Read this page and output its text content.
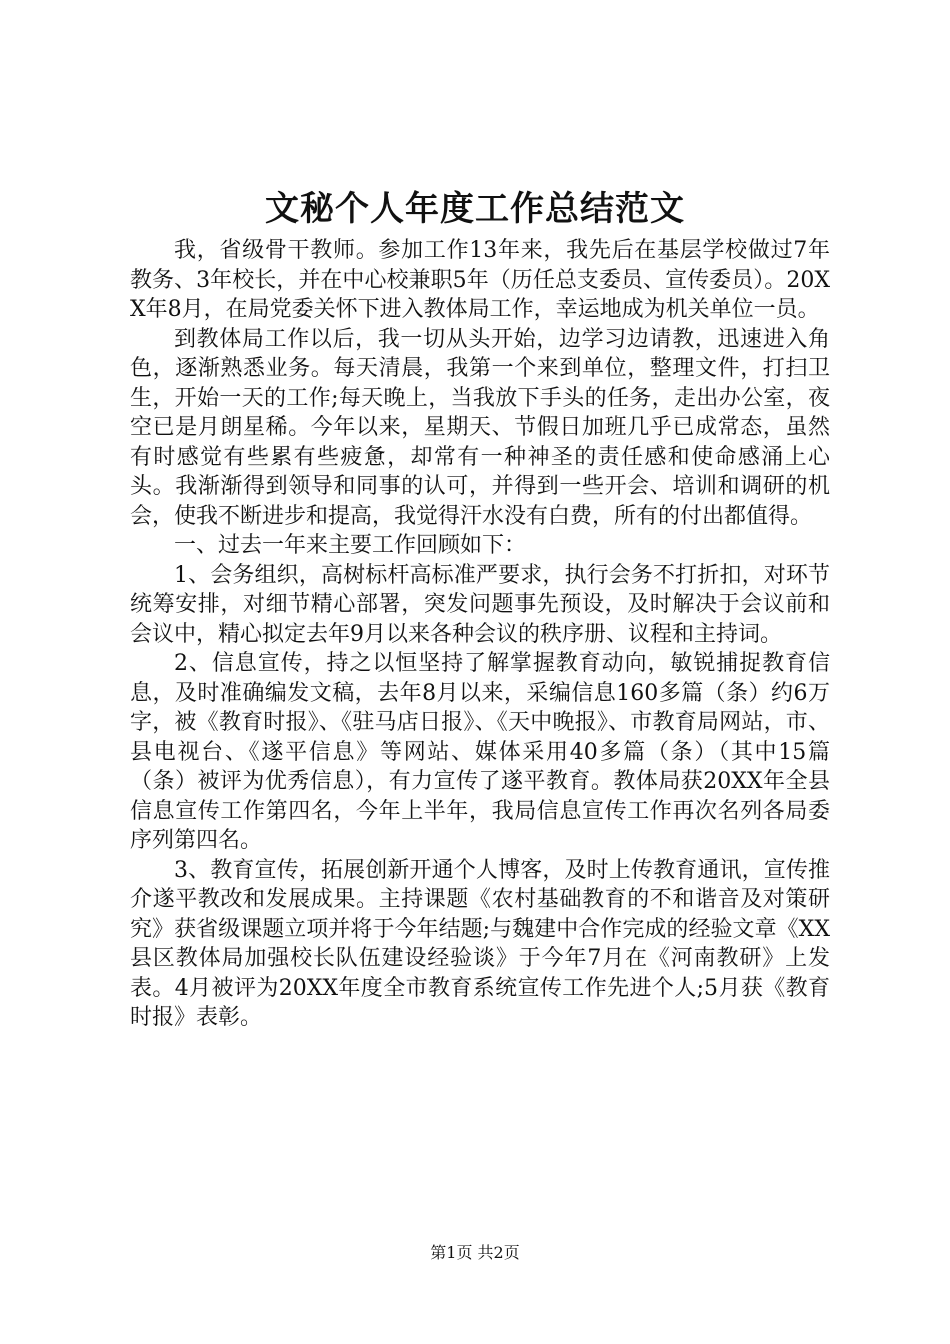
文秘个人年度工作总结范文

我，省级骨干教师。参加工作13年来，我先后在基层学校做过7年教务、3年校长，并在中心校兼职5年（历任总支委员、宣传委员）。20XX年8月，在局党委关怀下进入教体局工作，幸运地成为机关单位一员。

到教体局工作以后，我一切从头开始，边学习边请教，迅速进入角色，逐渐熟悉业务。每天清晨，我第一个来到单位，整理文件，打扫卫生，开始一天的工作;每天晚上，当我放下手头的任务，走出办公室，夜空已是月朗星稀。今年以来，星期天、节假日加班几乎已成常态，虽然有时感觉有些累有些疲惫，却常有一种神圣的责任感和使命感涌上心头。我渐渐得到领导和同事的认可，并得到一些开会、培训和调研的机会，使我不断进步和提高，我觉得汗水没有白费，所有的付出都值得。

一、过去一年来主要工作回顾如下：

1、会务组织，高树标杆高标准严要求，执行会务不打折扣，对环节统筹安排，对细节精心部署，突发问题事先预设，及时解决于会议前和会议中，精心拟定去年9月以来各种会议的秩序册、议程和主持词。

2、信息宣传，持之以恒坚持了解掌握教育动向，敏锐捕捉教育信息，及时准确编发文稿，去年8月以来，采编信息160多篇（条）约6万字，被《教育时报》、《驻马店日报》、《天中晚报》、市教育局网站，市、县电视台、《遂平信息》等网站、媒体采用40多篇（条）（其中15篇（条）被评为优秀信息），有力宣传了遂平教育。教体局获20XX年全县信息宣传工作第四名，今年上半年，我局信息宣传工作再次名列各局委序列第四名。

3、教育宣传，拓展创新开通个人博客，及时上传教育通讯，宣传推介遂平教改和发展成果。主持课题《农村基础教育的不和谐音及对策研究》获省级课题立项并将于今年结题;与魏建中合作完成的经验文章《XX县区教体局加强校长队伍建设经验谈》于今年7月在《河南教研》上发表。4月被评为20XX年度全市教育系统宣传工作先进个人;5月获《教育时报》表彰。

第1页 共2页
